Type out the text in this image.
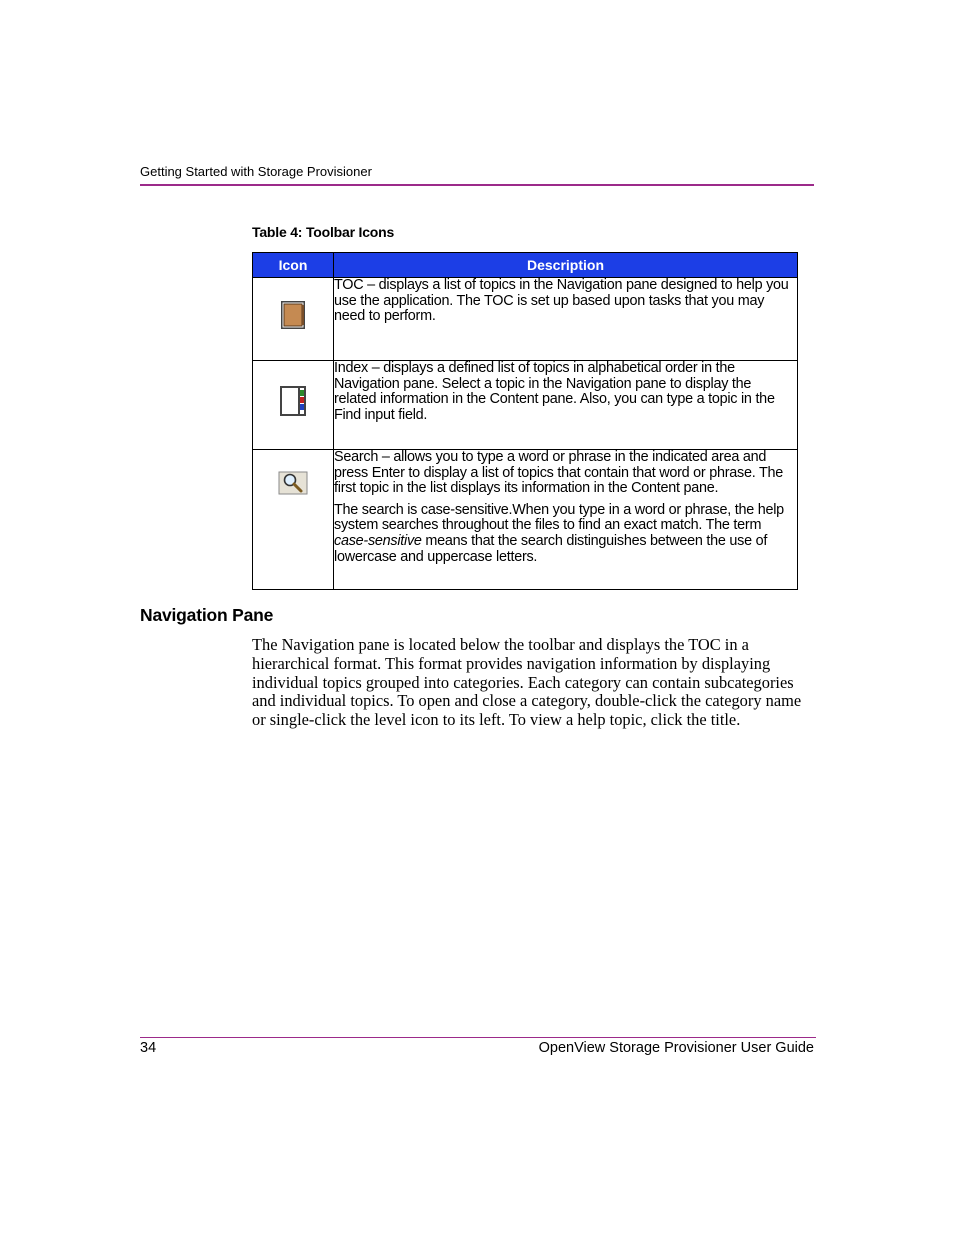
Getting Started with Storage Provisioner
Table 4: Toolbar Icons
Icon	Description

TOC – displays a list of topics in the Navigation pane designed to help you use the application. The TOC is set up based upon tasks that you may need to perform.

Index – displays a defined list of topics in alphabetical order in the Navigation pane. Select a topic in the Navigation pane to display the related information in the Content pane. Also, you can type a topic in the Find input field.

Search – allows you to type a word or phrase in the indicated area and press Enter to display a list of topics that contain that word or phrase. The first topic in the list displays its information in the Content pane.

The search is case-sensitive.When you type in a word or phrase, the help system searches throughout the files to find an exact match. The term case-sensitive means that the search distinguishes between the use of lowercase and uppercase letters.

Navigation Pane

The Navigation pane is located below the toolbar and displays the TOC in a hierarchical format. This format provides navigation information by displaying individual topics grouped into categories. Each category can contain subcategories and individual topics. To open and close a category, double-click the category name or single-click the level icon to its left. To view a help topic, click the title.

34	OpenView Storage Provisioner User Guide
